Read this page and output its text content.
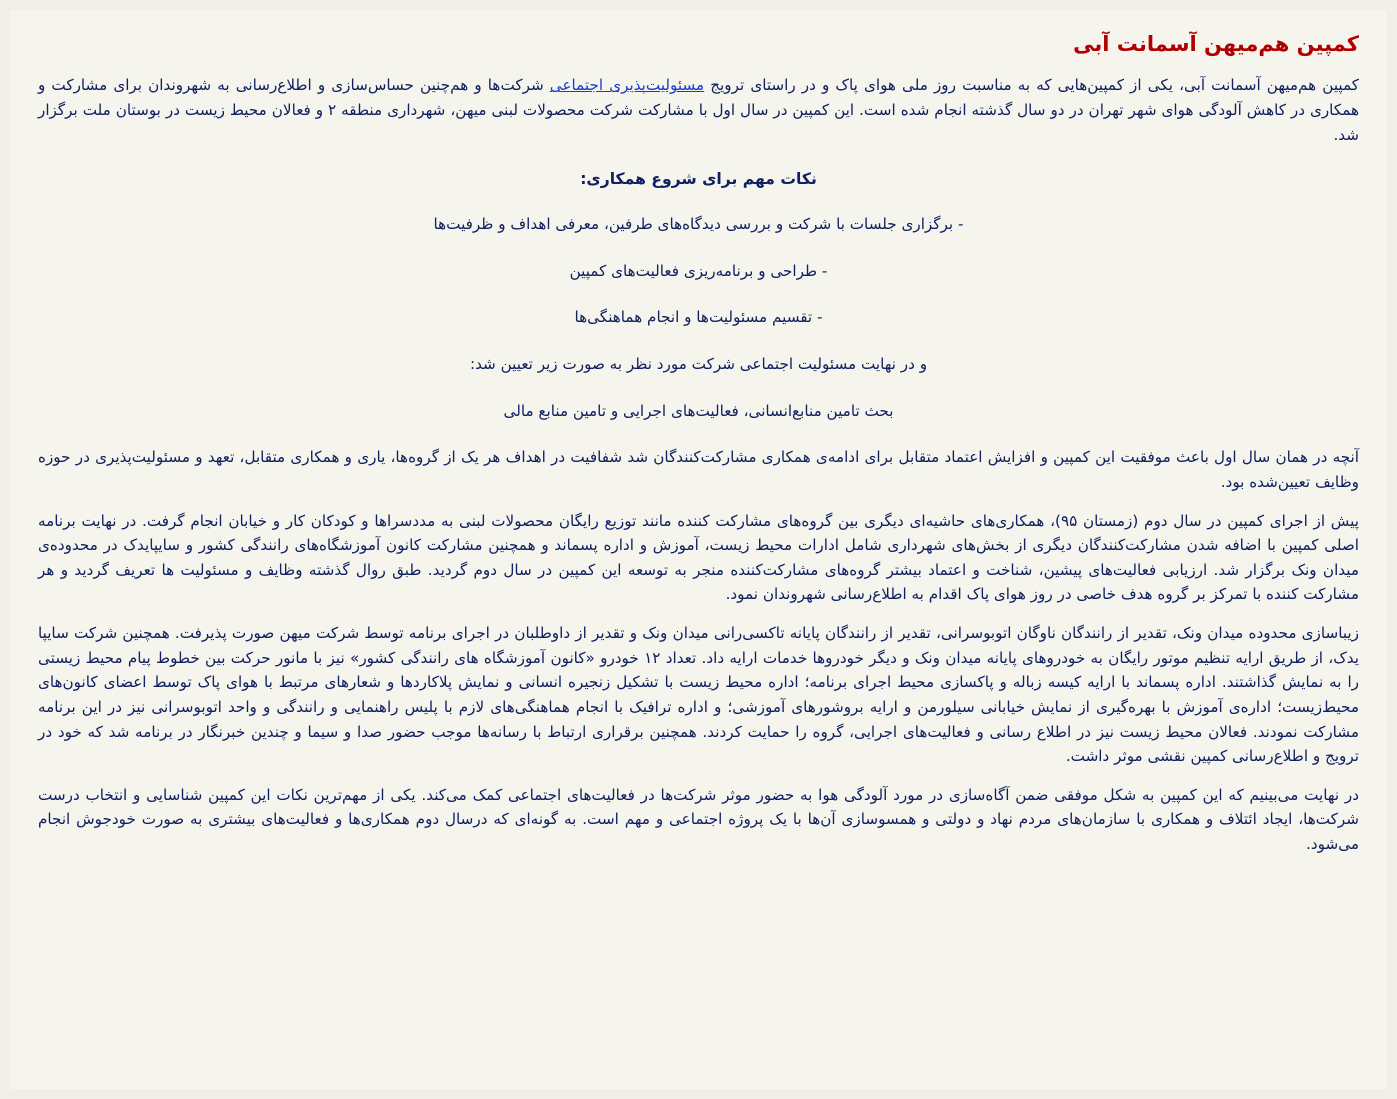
کمپین هم‌میهن آسمانت آبی

کمپین هم‌میهن آسمانت آبی، یکی از کمپین‌هایی که به مناسبت روز ملی هوای پاک و در راستای ترویج مسئولیت‌پذیری اجتماعی شرکت‌ها و هم‌چنین حساس‌سازی و اطلاع‌رسانی به شهروندان برای مشارکت و همکاری در کاهش آلودگی هوای شهر تهران در دو سال گذشته انجام شده است. این کمپین در سال اول با مشارکت شرکت محصولات لبنی میهن، شهرداری منطقه ۲ و فعالان محیط زیست در بوستان ملت برگزار شد.

نکات مهم برای شروع همکاری:

- برگزاری جلسات با شرکت و بررسی دیدگاه‌های طرفین، معرفی اهداف و ظرفیت‌ها

- طراحی و برنامه‌ریزی فعالیت‌های کمپین

- تقسیم مسئولیت‌ها و انجام هماهنگی‌ها

و در نهایت مسئولیت اجتماعی شرکت مورد نظر به صورت زیر تعیین شد:

بحث تامین منابع‌انسانی، فعالیت‌های اجرایی و تامین منابع مالی

آنچه در همان سال اول باعث موفقیت این کمپین و افزایش اعتماد متقابل برای ادامه‌ی همکاری مشارکت‌کنندگان شد شفافیت در اهداف هر یک از گروه‌ها، یاری و همکاری متقابل، تعهد و مسئولیت‌پذیری در حوزه وظایف تعیین‌شده بود.

پیش از اجرای کمپین در سال دوم (زمستان ۹۵)، همکاری‌های حاشیه‌ای دیگری بین گروه‌های مشارکت کننده مانند توزیع رایگان محصولات لبنی به مددسراها و کودکان کار و خیابان انجام گرفت. در نهایت برنامه اصلی کمپین با اضافه شدن مشارکت‌کنندگان دیگری از بخش‌های شهرداری شامل ادارات محیط زیست، آموزش و اداره پسماند و همچنین مشارکت کانون آموزشگاه‌های رانندگی کشور و سایپایدک در محدوده‌ی میدان ونک برگزار شد. ارزیابی فعالیت‌های پیشین، شناخت و اعتماد بیشتر گروه‌های مشارکت‌کننده منجر به توسعه این کمپین در سال دوم گردید. طبق روال گذشته وظایف و مسئولیت ها تعریف گردید و هر مشارکت کننده با تمرکز بر گروه هدف خاصی در روز هوای پاک اقدام به اطلاع‌رسانی شهروندان نمود.

زیباسازی محدوده میدان ونک، تقدیر از رانندگان ناوگان اتوبوسرانی، تقدیر از رانندگان پایانه تاکسی‌رانی میدان ونک و تقدیر از داوطلبان در اجرای برنامه توسط شرکت میهن صورت پذیرفت. همچنین شرکت سایپا یدک، از طریق ارایه تنظیم موتور رایگان به خودروهای پایانه میدان ونک و دیگر خودروها خدمات ارایه داد. تعداد ۱۲ خودرو «کانون آموزشگاه های رانندگی کشور» نیز با مانور حرکت بین خطوط پیام محیط زیستی را به نمایش گذاشتند. اداره پسماند با ارایه کیسه زباله و پاکسازی محیط اجرای برنامه؛ اداره محیط زیست با تشکیل زنجیره انسانی و نمایش پلاکاردها و شعارهای مرتبط با هوای پاک توسط اعضای کانون‌های محیط‌زیست؛ اداره‌ی آموزش با بهره‌گیری از نمایش خیابانی سیلورمن و ارایه بروشورهای آموزشی؛ و اداره ترافیک با انجام هماهنگی‌های لازم با پلیس راهنمایی و رانندگی و واحد اتوبوسرانی نیز در این برنامه مشارکت نمودند. فعالان محیط زیست نیز در اطلاع رسانی و فعالیت‌های اجرایی، گروه را حمایت کردند. همچنین برقراری ارتباط با رسانه‌ها موجب حضور صدا و سیما و چندین خبرنگار در برنامه شد که خود در ترویج و اطلاع‌رسانی کمپین نقشی موثر داشت.

در نهایت می‌بینیم که این کمپین به شکل موفقی ضمن آگاه‌سازی در مورد آلودگی هوا به حضور موثر شرکت‌ها در فعالیت‌های اجتماعی کمک می‌کند. یکی از مهم‌ترین نکات این کمپین شناسایی و انتخاب درست شرکت‌ها، ایجاد ائتلاف و همکاری با سازمان‌های مردم نهاد و دولتی و همسوسازی آن‌ها با یک پروژه اجتماعی و مهم است. به گونه‌ای که درسال دوم همکاری‌ها و فعالیت‌های بیشتری به صورت خودجوش انجام می‌شود.
